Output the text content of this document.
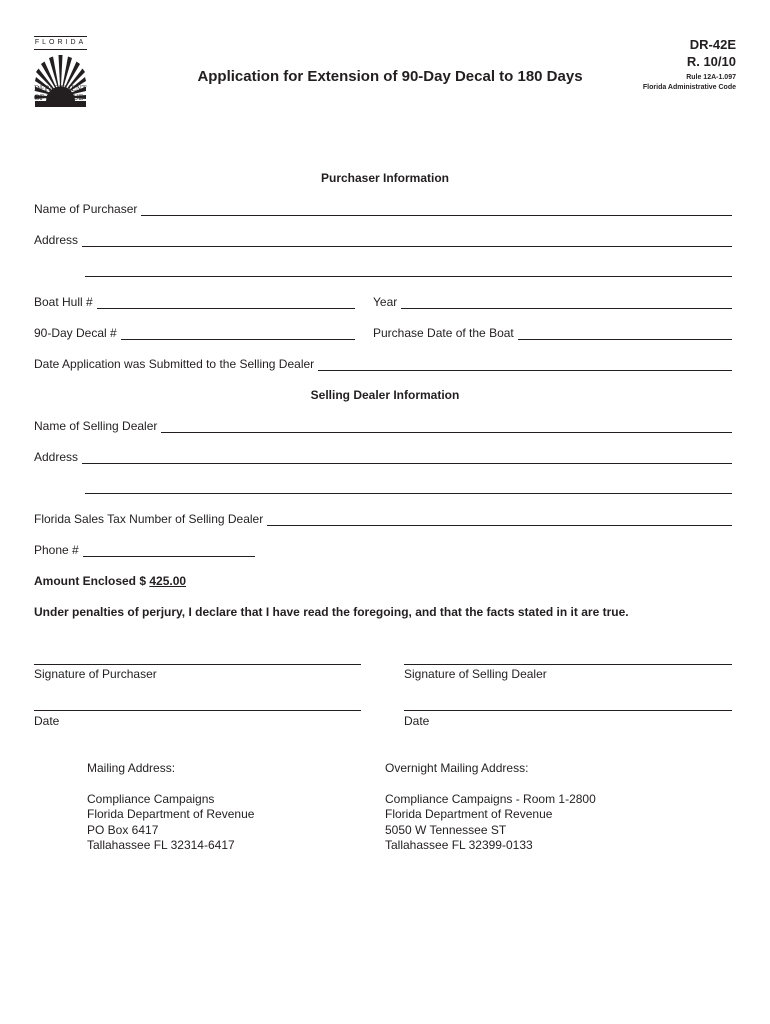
FLORIDA
DEPARTMENT
OF REVENUE
Application for Extension of 90-Day Decal to 180 Days
DR-42E
R. 10/10
Rule 12A-1.097
Florida Administrative Code
Purchaser Information
Name of Purchaser
Address
Boat Hull #	Year
90-Day Decal #	Purchase Date of the Boat
Date Application was Submitted to the Selling Dealer
Selling Dealer Information
Name of Selling Dealer
Address
Florida Sales Tax Number of Selling Dealer
Phone #
Amount Enclosed $ 425.00
Under penalties of perjury, I declare that I have read the foregoing, and that the facts stated in it are true.
Signature of Purchaser	Signature of Selling Dealer
Date	Date
Mailing Address:
Compliance Campaigns
Florida Department of Revenue
PO Box 6417
Tallahassee FL 32314-6417
Overnight Mailing Address:
Compliance Campaigns - Room 1-2800
Florida Department of Revenue
5050 W Tennessee ST
Tallahassee FL 32399-0133
